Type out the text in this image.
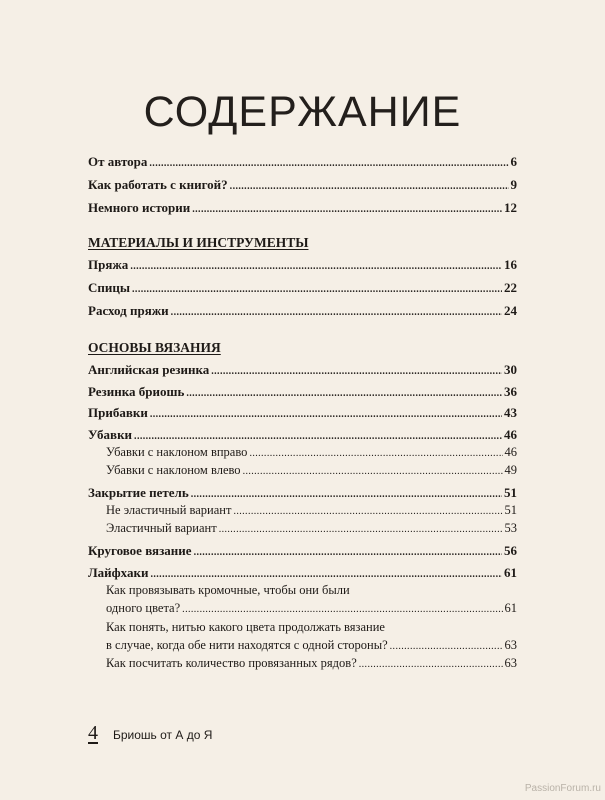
СОДЕРЖАНИЕ
От автора .....	6
Как работать с книгой? .....	9
Немного истории .....	12
МАТЕРИАЛЫ И ИНСТРУМЕНТЫ
Пряжа .....	16
Спицы .....	22
Расход пряжи .....	24
ОСНОВЫ ВЯЗАНИЯ
Английская резинка .....	30
Резинка бриошь .....	36
Прибавки .....	43
Убавки .....	46
Убавки с наклоном вправо .....	46
Убавки с наклоном влево .....	49
Закрытие петель .....	51
Не эластичный вариант .....	51
Эластичный вариант .....	53
Круговое вязание .....	56
Лайфхаки .....	61
Как провязывать кромочные, чтобы они были
одного цвета? .....	61
Как понять, нитью какого цвета продолжать вязание
в случае, когда обе нити находятся с одной стороны? .....	63
Как посчитать количество провязанных рядов? .....	63
4 Бриошь от А до Я
PassionForum.ru
